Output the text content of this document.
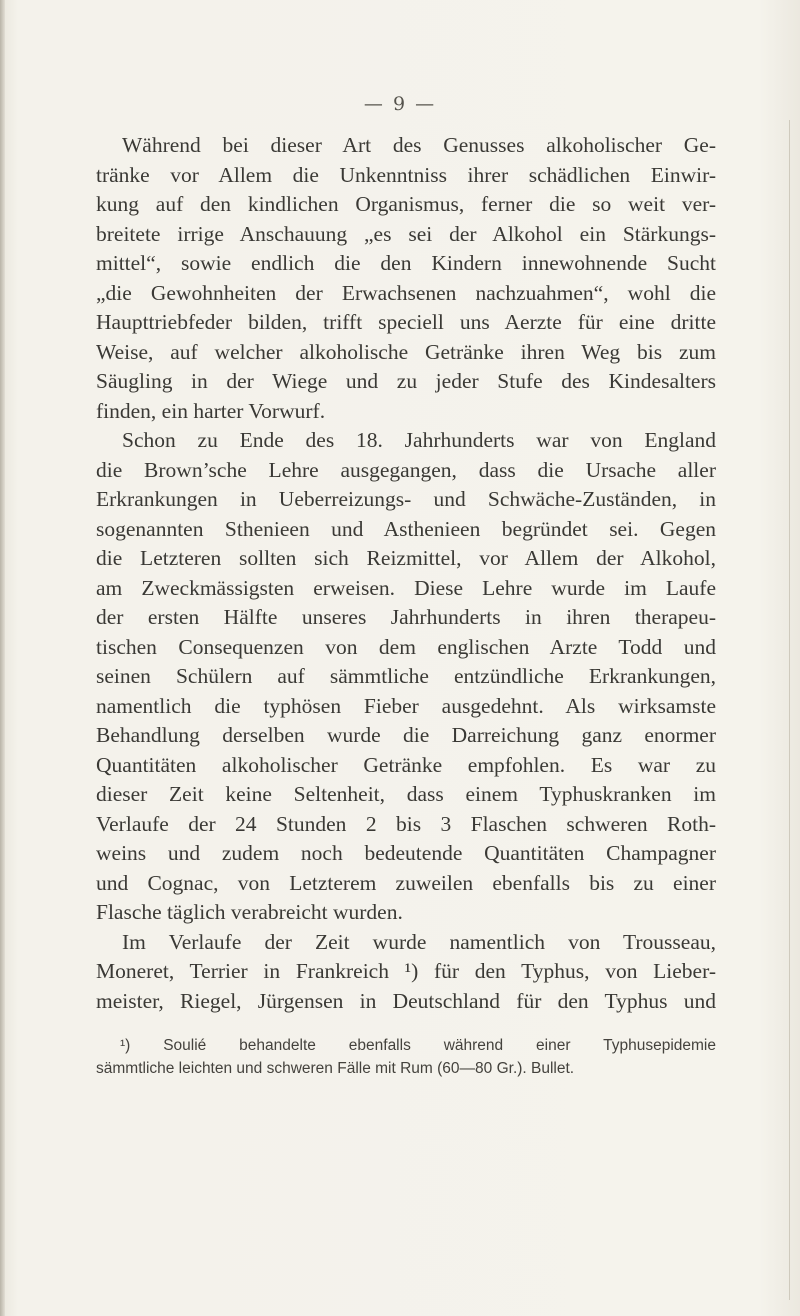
— 9 —
Während bei dieser Art des Genusses alkoholischer Ge-
tränke vor Allem die Unkenntniss ihrer schädlichen Einwir-
kung auf den kindlichen Organismus, ferner die so weit ver-
breitete irrige Anschauung „es sei der Alkohol ein Stärkungs-
mittel“, sowie endlich die den Kindern innewohnende Sucht
„die Gewohnheiten der Erwachsenen nachzuahmen“, wohl die
Haupttriebfeder bilden, trifft speciell uns Aerzte für eine dritte
Weise, auf welcher alkoholische Getränke ihren Weg bis zum
Säugling in der Wiege und zu jeder Stufe des Kindesalters
finden, ein harter Vorwurf.
Schon zu Ende des 18. Jahrhunderts war von England
die Brown’sche Lehre ausgegangen, dass die Ursache aller
Erkrankungen in Ueberreizungs- und Schwäche-Zuständen, in
sogenannten Sthenieen und Asthenieen begründet sei. Gegen
die Letzteren sollten sich Reizmittel, vor Allem der Alkohol,
am Zweckmässigsten erweisen. Diese Lehre wurde im Laufe
der ersten Hälfte unseres Jahrhunderts in ihren therapeu-
tischen Consequenzen von dem englischen Arzte Todd und
seinen Schülern auf sämmtliche entzündliche Erkrankungen,
namentlich die typhösen Fieber ausgedehnt. Als wirksamste
Behandlung derselben wurde die Darreichung ganz enormer
Quantitäten alkoholischer Getränke empfohlen. Es war zu
dieser Zeit keine Seltenheit, dass einem Typhuskranken im
Verlaufe der 24 Stunden 2 bis 3 Flaschen schweren Roth-
weins und zudem noch bedeutende Quantitäten Champagner
und Cognac, von Letzterem zuweilen ebenfalls bis zu einer
Flasche täglich verabreicht wurden.
Im Verlaufe der Zeit wurde namentlich von Trousseau,
Moneret, Terrier in Frankreich ¹) für den Typhus, von Lieber-
meister, Riegel, Jürgensen in Deutschland für den Typhus und
¹) Soulié behandelte ebenfalls während einer Typhusepidemie
sämmtliche leichten und schweren Fälle mit Rum (60—80 Gr.). Bullet.
